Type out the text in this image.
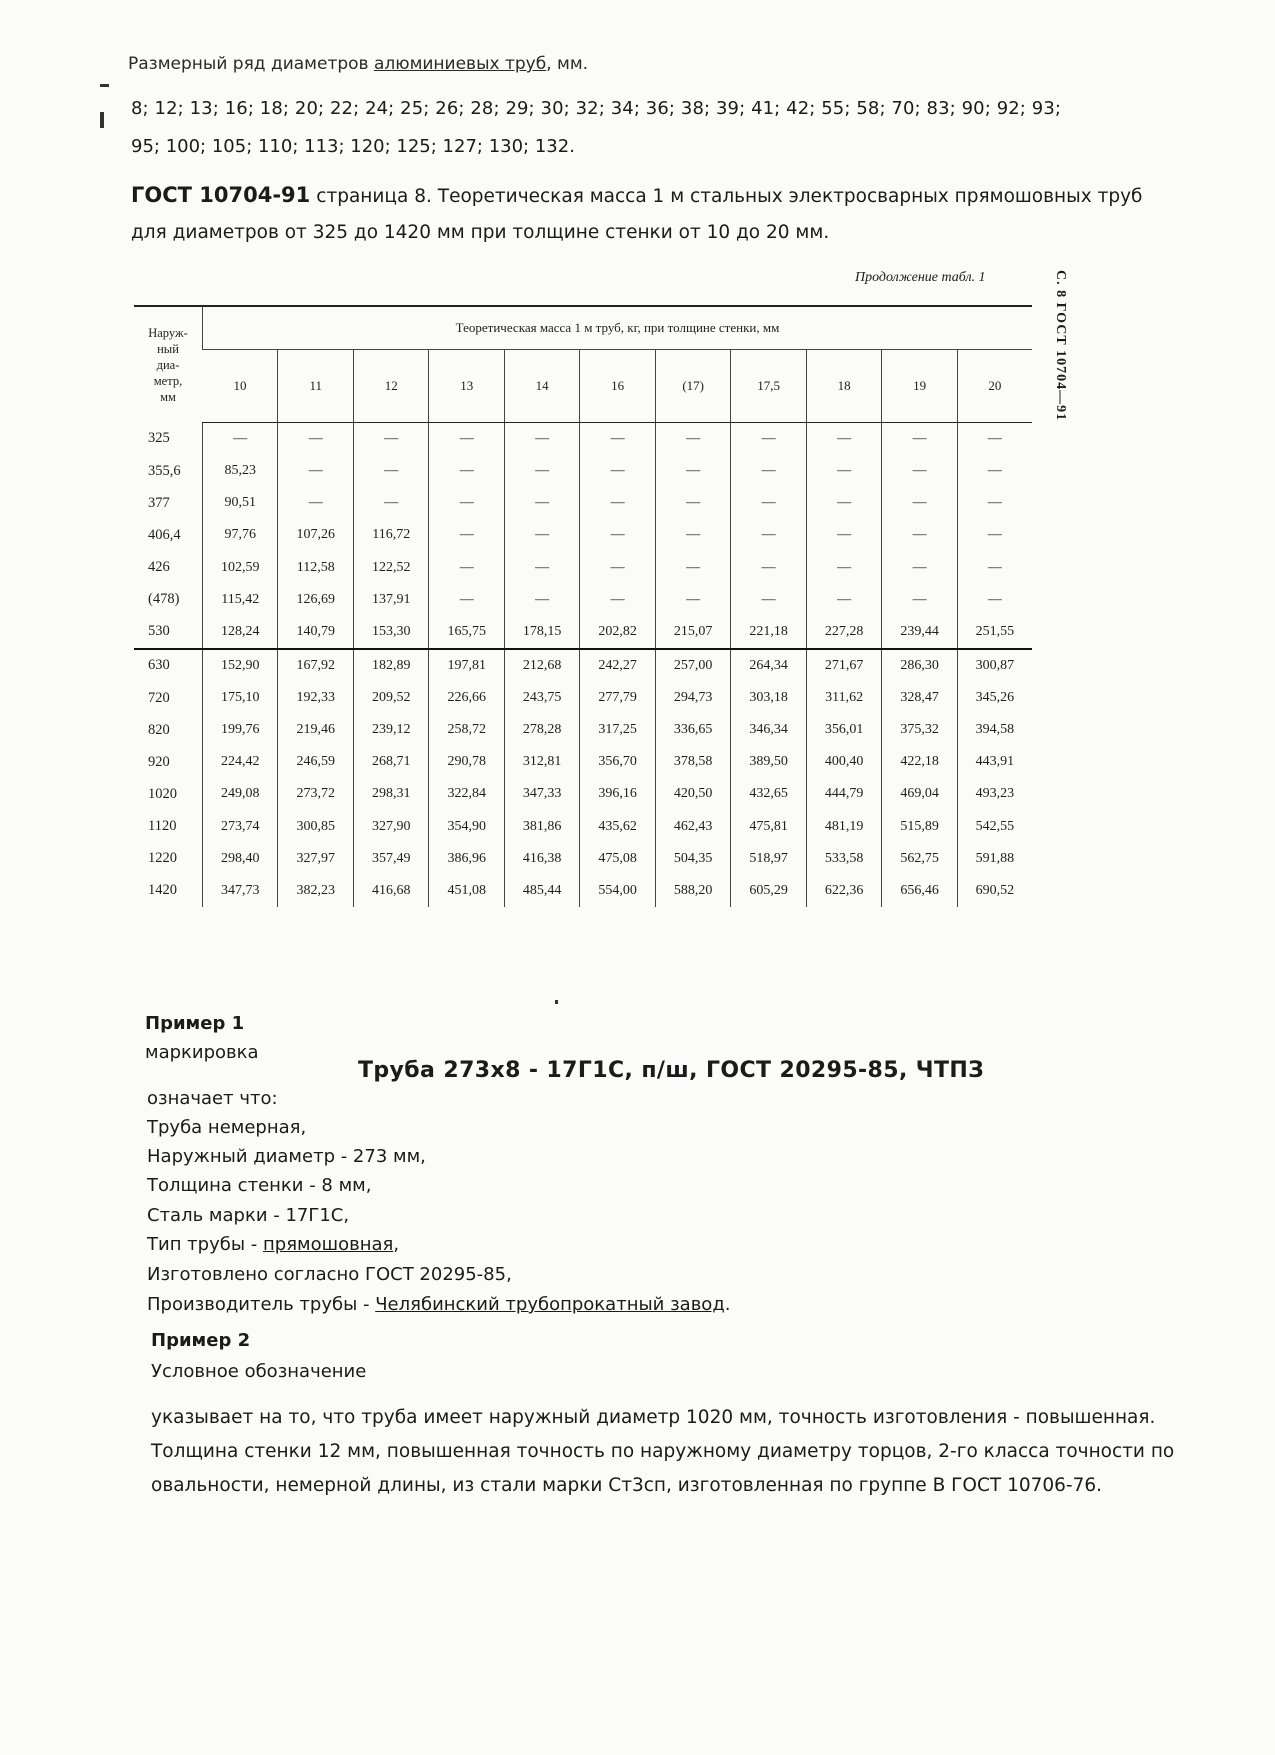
Размерный ряд диаметров алюминиевых труб, мм.
8; 12; 13; 16; 18; 20; 22; 24; 25; 26; 28; 29; 30; 32; 34; 36; 38; 39; 41; 42; 55; 58; 70; 83; 90; 92; 93;
95; 100; 105; 110; 113; 120; 125; 127; 130; 132.
ГОСТ 10704-91 страница 8. Теоретическая масса 1 м стальных электросварных прямошовных труб
для диаметров от 325 до 1420 мм при толщине стенки от 10 до 20 мм.
Продолжение табл. 1	С. 8 ГОСТ 10704—91
Наруж-
ный
диа-
метр,
мм	Теоретическая масса 1 м труб, кг, при толщине стенки, мм										
	10	11	12	13	14	16	(17)	17,5	18	19	20
325	—	—	—	—	—	—	—	—	—	—	—
355,6	85,23	—	—	—	—	—	—	—	—	—	—
377	90,51	—	—	—	—	—	—	—	—	—	—
406,4	97,76	107,26	116,72	—	—	—	—	—	—	—	—
426	102,59	112,58	122,52	—	—	—	—	—	—	—	—
(478)	115,42	126,69	137,91	—	—	—	—	—	—	—	—
530	128,24	140,79	153,30	165,75	178,15	202,82	215,07	221,18	227,28	239,44	251,55
630	152,90	167,92	182,89	197,81	212,68	242,27	257,00	264,34	271,67	286,30	300,87
720	175,10	192,33	209,52	226,66	243,75	277,79	294,73	303,18	311,62	328,47	345,26
820	199,76	219,46	239,12	258,72	278,28	317,25	336,65	346,34	356,01	375,32	394,58
920	224,42	246,59	268,71	290,78	312,81	356,70	378,58	389,50	400,40	422,18	443,91
1020	249,08	273,72	298,31	322,84	347,33	396,16	420,50	432,65	444,79	469,04	493,23
1120	273,74	300,85	327,90	354,90	381,86	435,62	462,43	475,81	481,19	515,89	542,55
1220	298,40	327,97	357,49	386,96	416,38	475,08	504,35	518,97	533,58	562,75	591,88
1420	347,73	382,23	416,68	451,08	485,44	554,00	588,20	605,29	622,36	656,46	690,52
Пример 1
маркировка
Труба 273х8 - 17Г1С, п/ш, ГОСТ 20295-85, ЧТПЗ
означает что:
Труба немерная,
Наружный диаметр - 273 мм,
Толщина стенки - 8 мм,
Сталь марки - 17Г1С,
Тип трубы - прямошовная,
Изготовлено согласно ГОСТ 20295-85,
Производитель трубы - Челябинский трубопрокатный завод.
Пример 2
Условное обозначение
указывает на то, что труба имеет наружный диаметр 1020 мм, точность изготовления - повышенная.
Толщина стенки 12 мм, повышенная точность по наружному диаметру торцов, 2-го класса точности по
овальности, немерной длины, из стали марки Ст3сп, изготовленная по группе В ГОСТ 10706-76.
